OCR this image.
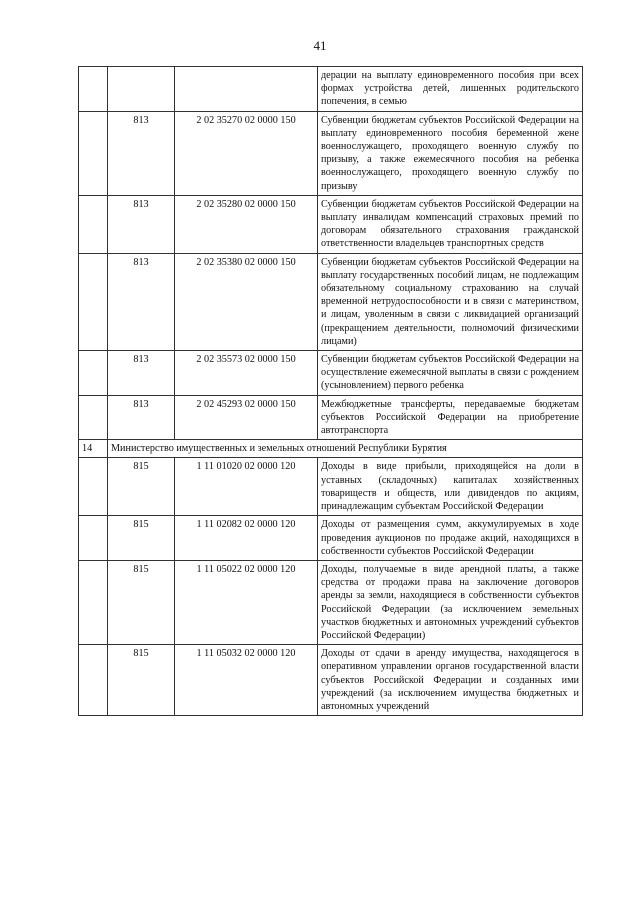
41
			дерации на выплату единовременного пособия при всех формах устройства детей, лишенных родительского попечения, в семью
	813	2 02 35270 02 0000 150	Субвенции бюджетам субъектов Российской Федерации на выплату единовременного пособия беременной жене военнослужащего, проходящего военную службу по призыву, а также ежемесячного пособия на ребенка военнослужащего, проходящего военную службу по призыву
	813	2 02 35280 02 0000 150	Субвенции бюджетам субъектов Российской Федерации на выплату инвалидам компенсаций страховых премий по договорам обязательного страхования гражданской ответственности владельцев транспортных средств
	813	2 02 35380 02 0000 150	Субвенции бюджетам субъектов Российской Федерации на выплату государственных пособий лицам, не подлежащим обязательному социальному страхованию на случай временной нетрудоспособности и в связи с материнством, и лицам, уволенным в связи с ликвидацией организаций (прекращением деятельности, полномочий физическими лицами)
	813	2 02 35573 02 0000 150	Субвенции бюджетам субъектов Российской Федерации на осуществление ежемесячной выплаты в связи с рождением (усыновлением) первого ребенка
	813	2 02 45293 02 0000 150	Межбюджетные трансферты, передаваемые бюджетам субъектов Российской Федерации на приобретение автотранспорта
14	Министерство имущественных и земельных отношений Республики Бурятия		
	815	1 11 01020 02 0000 120	Доходы в виде прибыли, приходящейся на доли в уставных (складочных) капиталах хозяйственных товариществ и обществ, или дивидендов по акциям, принадлежащим субъектам Российской Федерации
	815	1 11 02082 02 0000 120	Доходы от размещения сумм, аккумулируемых в ходе проведения аукционов по продаже акций, находящихся в собственности субъектов Российской Федерации
	815	1 11 05022 02 0000 120	Доходы, получаемые в виде арендной платы, а также средства от продажи права на заключение договоров аренды за земли, находящиеся в собственности субъектов Российской Федерации (за исключением земельных участков бюджетных и автономных учреждений субъектов Российской Федерации)
	815	1 11 05032 02 0000 120	Доходы от сдачи в аренду имущества, находящегося в оперативном управлении органов государственной власти субъектов Российской Федерации и созданных ими учреждений (за исключением имущества бюджетных и автономных учреждений
